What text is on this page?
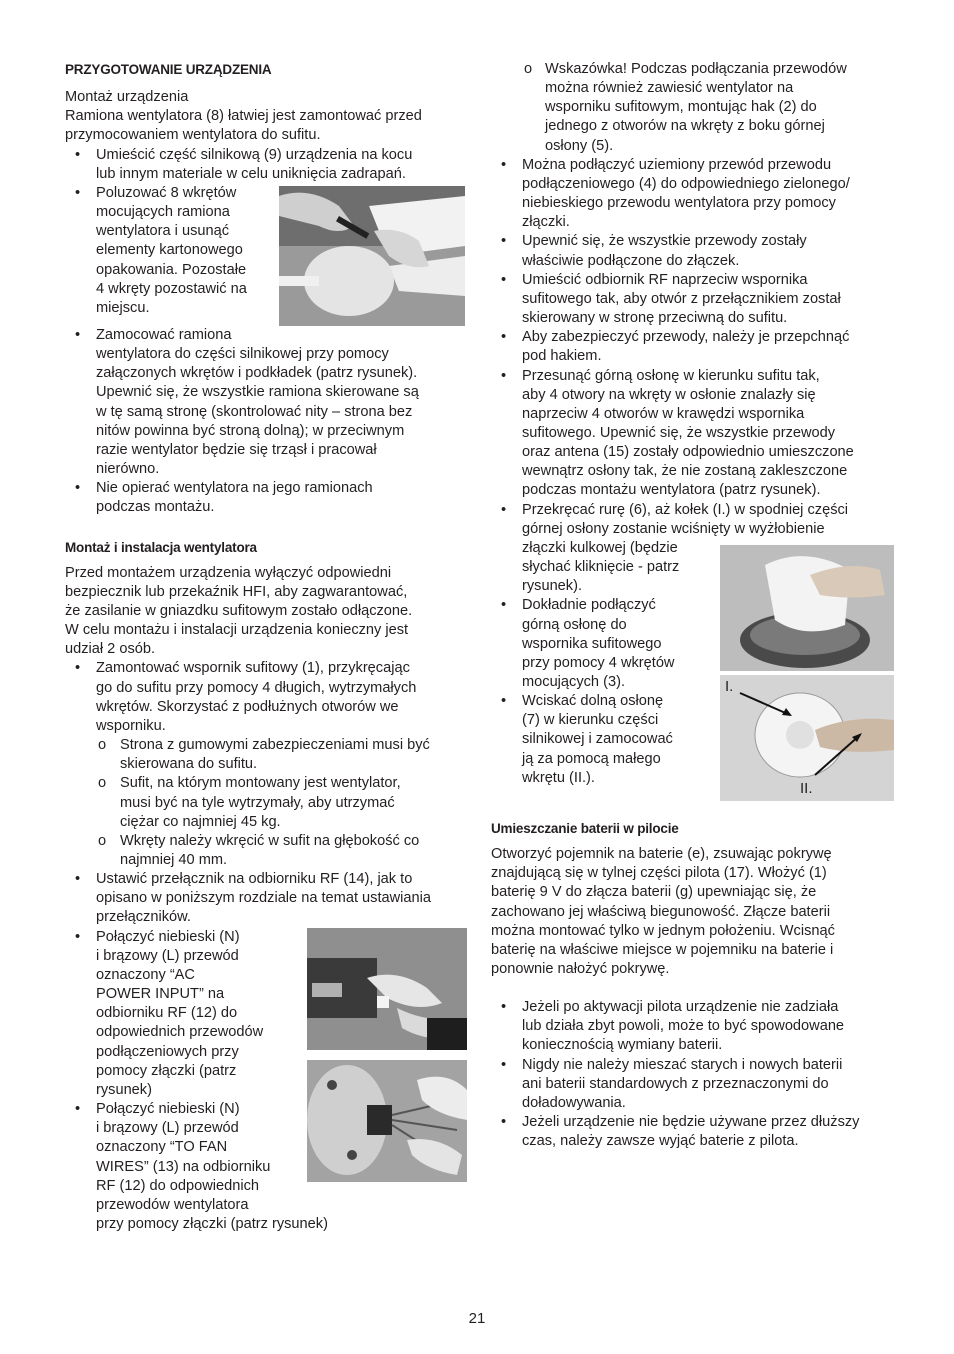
PRZYGOTOWANIE URZĄDZENIA
Montaż urządzenia
Ramiona wentylatora (8) łatwiej jest zamontować przed
przymocowaniem wentylatora do sufitu.
• Umieścić część silnikową (9) urządzenia na kocu
lub innym materiale w celu uniknięcia zadrapań.
• Poluzować 8 wkrętów
mocujących ramiona
wentylatora i usunąć
elementy kartonowego
opakowania. Pozostałe
4 wkręty pozostawić na
miejscu.
• Zamocować ramiona
wentylatora do części silnikowej przy pomocy
załączonych wkrętów i podkładek (patrz rysunek).
Upewnić się, że wszystkie ramiona skierowane są
w tę samą stronę (skontrolować nity – strona bez
nitów powinna być stroną dolną); w przeciwnym
razie wentylator będzie się trząsł i pracował
nierówno.
• Nie opierać wentylatora na jego ramionach
podczas montażu.
Montaż i instalacja wentylatora
Przed montażem urządzenia wyłączyć odpowiedni
bezpiecznik lub przekaźnik HFI, aby zagwarantować,
że zasilanie w gniazdku sufitowym zostało odłączone.
W celu montażu i instalacji urządzenia konieczny jest
udział 2 osób.
• Zamontować wspornik sufitowy (1), przykręcając
go do sufitu przy pomocy 4 długich, wytrzymałych
wkrętów. Skorzystać z podłużnych otworów we
wsporniku.
o Strona z gumowymi zabezpieczeniami musi być
skierowana do sufitu.
o Sufit, na którym montowany jest wentylator,
musi być na tyle wytrzymały, aby utrzymać
ciężar co najmniej 45 kg.
o Wkręty należy wkręcić w sufit na głębokość co
najmniej 40 mm.
• Ustawić przełącznik na odbiorniku RF (14), jak to
opisano w poniższym rozdziale na temat ustawiania
przełączników.
• Połączyć niebieski (N)
i brązowy (L) przewód
oznaczony “AC
POWER INPUT” na
odbiorniku RF (12) do
odpowiednich przewodów
podłączeniowych przy
pomocy złączki (patrz
rysunek)
• Połączyć niebieski (N)
i brązowy (L) przewód
oznaczony “TO FAN
WIRES” (13) na odbiorniku
RF (12) do odpowiednich przewodów wentylatora
przy pomocy złączki (patrz rysunek)
o Wskazówka! Podczas podłączania przewodów
można również zawiesić wentylator na
wsporniku sufitowym, montując hak (2) do
jednego z otworów na wkręty z boku górnej
osłony (5).
• Można podłączyć uziemiony przewód przewodu
podłączeniowego (4) do odpowiedniego zielonego/
niebieskiego przewodu wentylatora przy pomocy
złączki.
• Upewnić się, że wszystkie przewody zostały
właściwie podłączone do złączek.
• Umieścić odbiornik RF naprzeciw wspornika
sufitowego tak, aby otwór z przełącznikiem został
skierowany w stronę przeciwną do sufitu.
• Aby zabezpieczyć przewody, należy je przepchnąć
pod hakiem.
• Przesunąć górną osłonę w kierunku sufitu tak,
aby 4 otwory na wkręty w osłonie znalazły się
naprzeciw 4 otworów w krawędzi wspornika
sufitowego. Upewnić się, że wszystkie przewody
oraz antena (15) zostały odpowiednio umieszczone
wewnątrz osłony tak, że nie zostaną zakleszczone
podczas montażu wentylatora (patrz rysunek).
• Przekręcać rurę (6), aż kołek (I.) w spodniej części
górnej osłony zostanie wciśnięty w wyżłobienie
I.
II.
złączki kulkowej (będzie
słychać kliknięcie - patrz
rysunek).
• Dokładnie podłączyć
górną osłonę do
wspornika sufitowego
przy pomocy 4 wkrętów
mocujących (3).
• Wciskać dolną osłonę
(7) w kierunku części
silnikowej i zamocować
ją za pomocą małego
wkrętu (II.).
Umieszczanie baterii w pilocie
Otworzyć pojemnik na baterie (e), zsuwając pokrywę
znajdującą się w tylnej części pilota (17). Włożyć (1)
baterię 9 V do złącza baterii (g) upewniając się, że
zachowano jej właściwą biegunowość. Złącze baterii
można montować tylko w jednym położeniu. Wcisnąć
baterię na właściwe miejsce w pojemniku na baterie i
ponownie nałożyć pokrywę.
• Jeżeli po aktywacji pilota urządzenie nie zadziała
lub działa zbyt powoli, może to być spowodowane
koniecznością wymiany baterii.
• Nigdy nie należy mieszać starych i nowych baterii
ani baterii standardowych z przeznaczonymi do
doładowywania.
• Jeżeli urządzenie nie będzie używane przez dłuższy
czas, należy zawsze wyjąć baterie z pilota.
21
